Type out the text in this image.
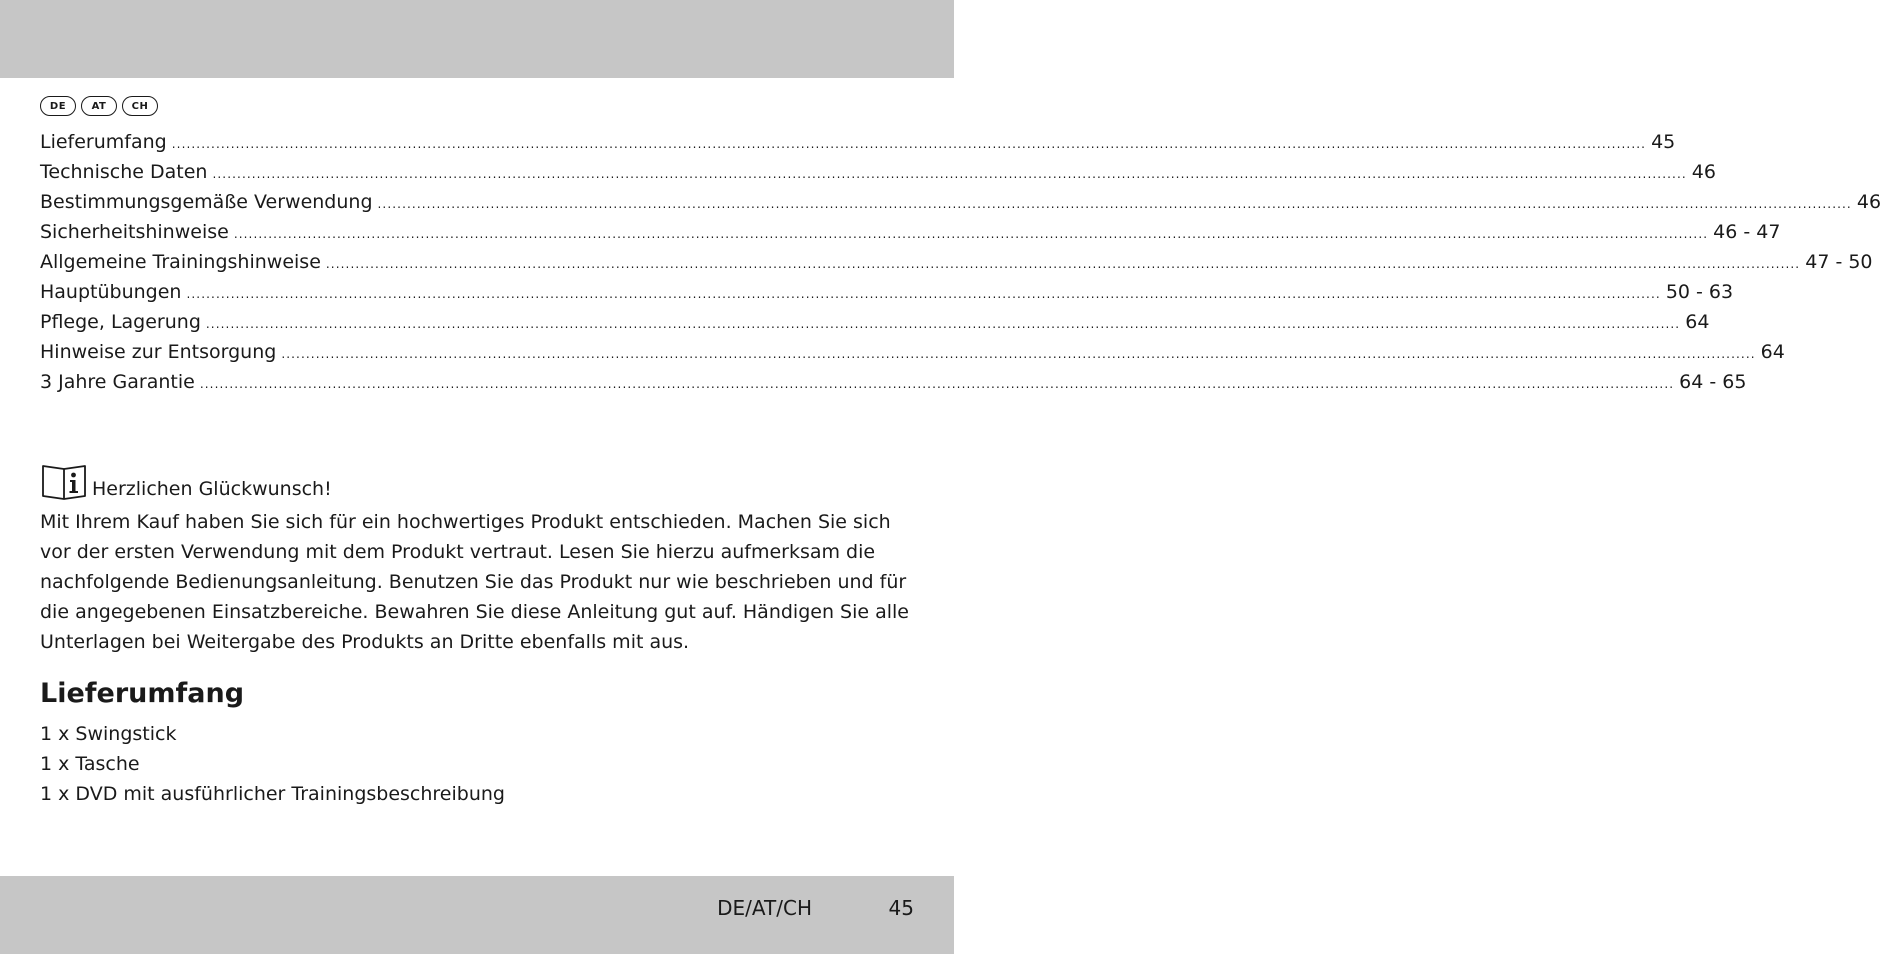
DE	AT	CH
Lieferumfang ............................................................................................................................................................................................................................................................................................................ 45
Technische Daten ............................................................................................................................................................................................................................................................................................................ 46
Bestimmungsgemäße Verwendung ............................................................................................................................................................................................................................................................................................................ 46
Sicherheitshinweise ............................................................................................................................................................................................................................................................................................................ 46 - 47
Allgemeine Trainingshinweise ............................................................................................................................................................................................................................................................................................................ 47 - 50
Hauptübungen ............................................................................................................................................................................................................................................................................................................ 50 - 63
Pflege, Lagerung ............................................................................................................................................................................................................................................................................................................ 64
Hinweise zur Entsorgung ............................................................................................................................................................................................................................................................................................................ 64
3 Jahre Garantie ............................................................................................................................................................................................................................................................................................................ 64 - 65
Herzlichen Glückwunsch!

Mit Ihrem Kauf haben Sie sich für ein hochwertiges Produkt entschieden. Machen Sie sich vor der ersten Verwendung mit dem Produkt vertraut. Lesen Sie hierzu aufmerksam die nachfolgende Bedienungsanleitung. Benutzen Sie das Produkt nur wie beschrieben und für die angegebenen Einsatzbereiche. Bewahren Sie diese Anleitung gut auf. Händigen Sie alle Unterlagen bei Weitergabe des Produkts an Dritte ebenfalls mit aus.

Lieferumfang
1 x Swingstick
1 x Tasche
1 x DVD mit ausführlicher Trainingsbeschreibung
DE/AT/CH	45
